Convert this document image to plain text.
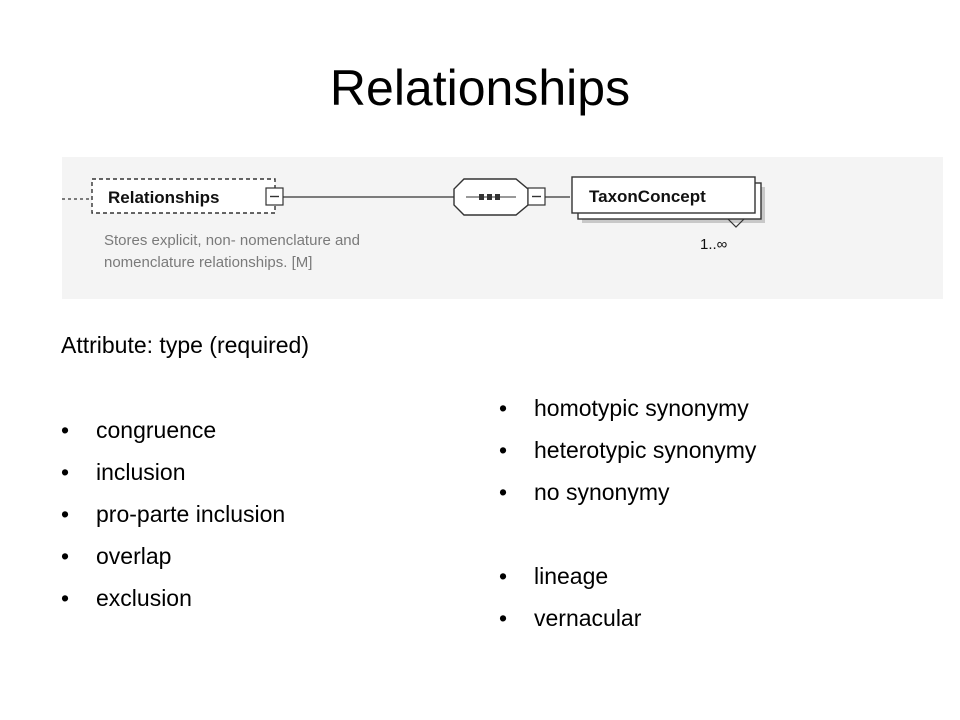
Relationships
Relationships	TaxonConcept
1..∞
Stores explicit, non- nomenclature and
nomenclature relationships. [M]
Attribute: type (required)
• congruence
• inclusion
• pro-parte inclusion
• overlap
• exclusion
• homotypic synonymy
• heterotypic synonymy
• no synonymy
• lineage
• vernacular
